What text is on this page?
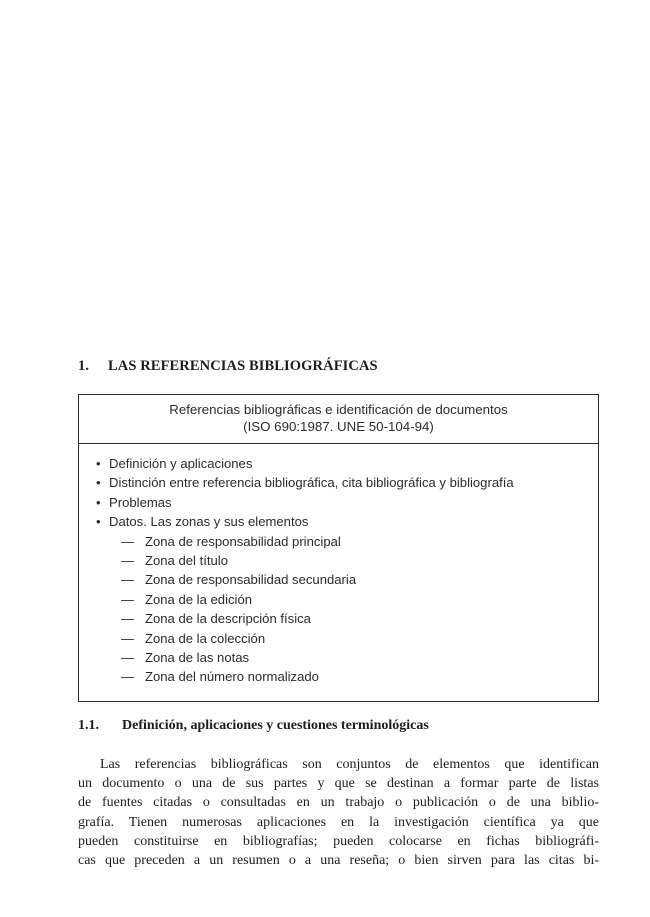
1.	LAS REFERENCIAS BIBLIOGRÁFICAS
Referencias bibliográficas e identificación de documentos
(ISO 690:1987. UNE 50-104-94)
• Definición y aplicaciones
• Distinción entre referencia bibliográfica, cita bibliográfica y bibliografía
• Problemas
• Datos. Las zonas y sus elementos
— Zona de responsabilidad principal
— Zona del título
— Zona de responsabilidad secundaria
— Zona de la edición
— Zona de la descripción física
— Zona de la colección
— Zona de las notas
— Zona del número normalizado
1.1.	Definición, aplicaciones y cuestiones terminológicas
Las referencias bibliográficas son conjuntos de elementos que identifican
un documento o una de sus partes y que se destinan a formar parte de listas
de fuentes citadas o consultadas en un trabajo o publicación o de una biblio-
grafía. Tienen numerosas aplicaciones en la investigación científica ya que
pueden constituirse en bibliografías; pueden colocarse en fichas bibliográfi-
cas que preceden a un resumen o a una reseña; o bien sirven para las citas bi-
